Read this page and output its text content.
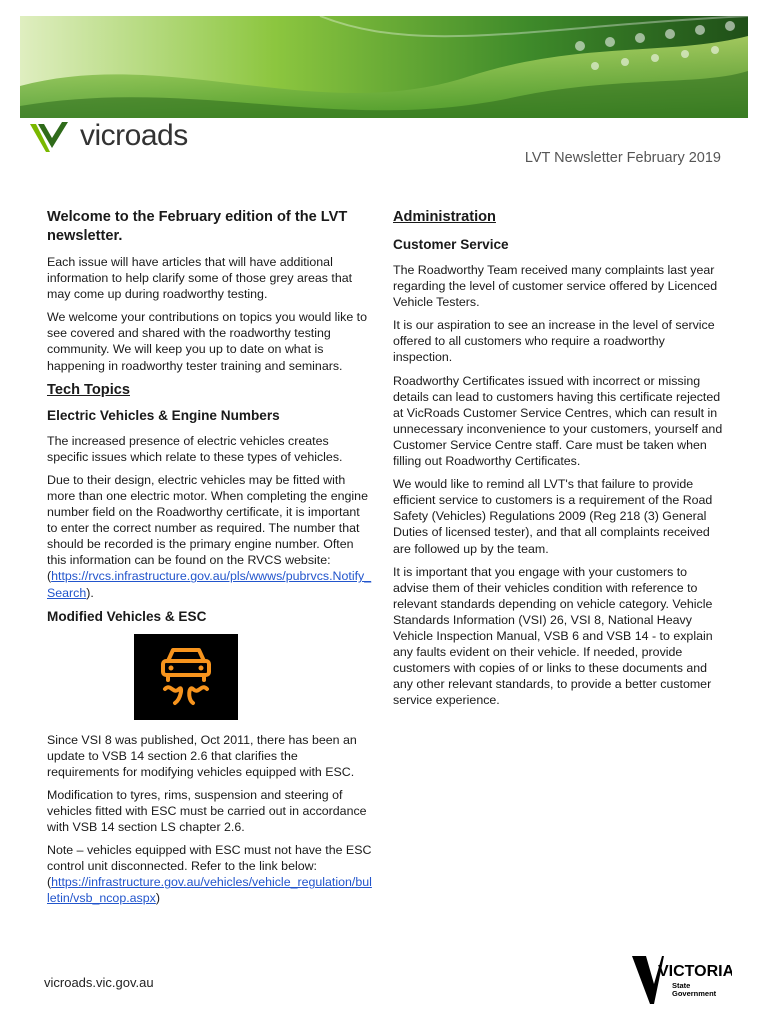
vicroads
LVT Newsletter February 2019
Welcome to the February edition of the LVT newsletter.

Each issue will have articles that will have additional information to help clarify some of those grey areas that may come up during roadworthy testing.

We welcome your contributions on topics you would like to see covered and shared with the roadworthy testing community. We will keep you up to date on what is happening in roadworthy tester training and seminars.

Tech Topics
Electric Vehicles & Engine Numbers

The increased presence of electric vehicles creates specific issues which relate to these types of vehicles.

Due to their design, electric vehicles may be fitted with more than one electric motor. When completing the engine number field on the Roadworthy certificate, it is important to enter the correct number as required. The number that should be recorded is the primary engine number. Often this information can be found on the RVCS website:
(https://rvcs.infrastructure.gov.au/pls/wwws/pubrvcs.Notify_Search).

Modified Vehicles & ESC

Since VSI 8 was published, Oct 2011, there has been an update to VSB 14 section 2.6 that clarifies the requirements for modifying vehicles equipped with ESC.

Modification to tyres, rims, suspension and steering of vehicles fitted with ESC must be carried out in accordance with VSB 14 section LS chapter 2.6.

Note – vehicles equipped with ESC must not have the ESC control unit disconnected. Refer to the link below:
(https://infrastructure.gov.au/vehicles/vehicle_regulation/bulletin/vsb_ncop.aspx)

Administration
Customer Service

The Roadworthy Team received many complaints last year regarding the level of customer service offered by Licenced Vehicle Testers.

It is our aspiration to see an increase in the level of service offered to all customers who require a roadworthy inspection.

Roadworthy Certificates issued with incorrect or missing details can lead to customers having this certificate rejected at VicRoads Customer Service Centres, which can result in unnecessary inconvenience to your customers, yourself and Customer Service Centre staff. Care must be taken when filling out Roadworthy Certificates.

We would like to remind all LVT's that failure to provide efficient service to customers is a requirement of the Road Safety (Vehicles) Regulations 2009 (Reg 218 (3) General Duties of licensed tester), and that all complaints received are followed up by the team.

It is important that you engage with your customers to advise them of their vehicles condition with reference to relevant standards depending on vehicle category. Vehicle Standards Information (VSI) 26, VSI 8, National Heavy Vehicle Inspection Manual, VSB 6 and VSB 14 - to explain any faults evident on their vehicle. If needed, provide customers with copies of or links to these documents and any other relevant standards, to provide a better customer service experience.

vicroads.vic.gov.au
VICTORIA
State
Government
